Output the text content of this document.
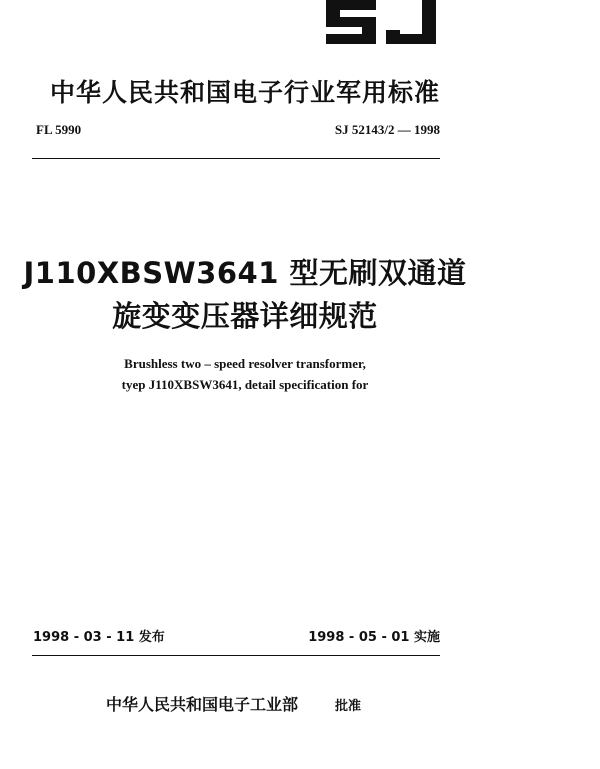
中华人民共和国电子行业军用标准
FL 5990	SJ 52143/2 — 1998
J110XBSW3641 型无刷双通道
旋变变压器详细规范
Brushless two – speed resolver transformer,
tyep J110XBSW3641, detail specification for
1998 - 03 - 11 发布	1998 - 05 - 01 实施
中华人民共和国电子工业部	批准
